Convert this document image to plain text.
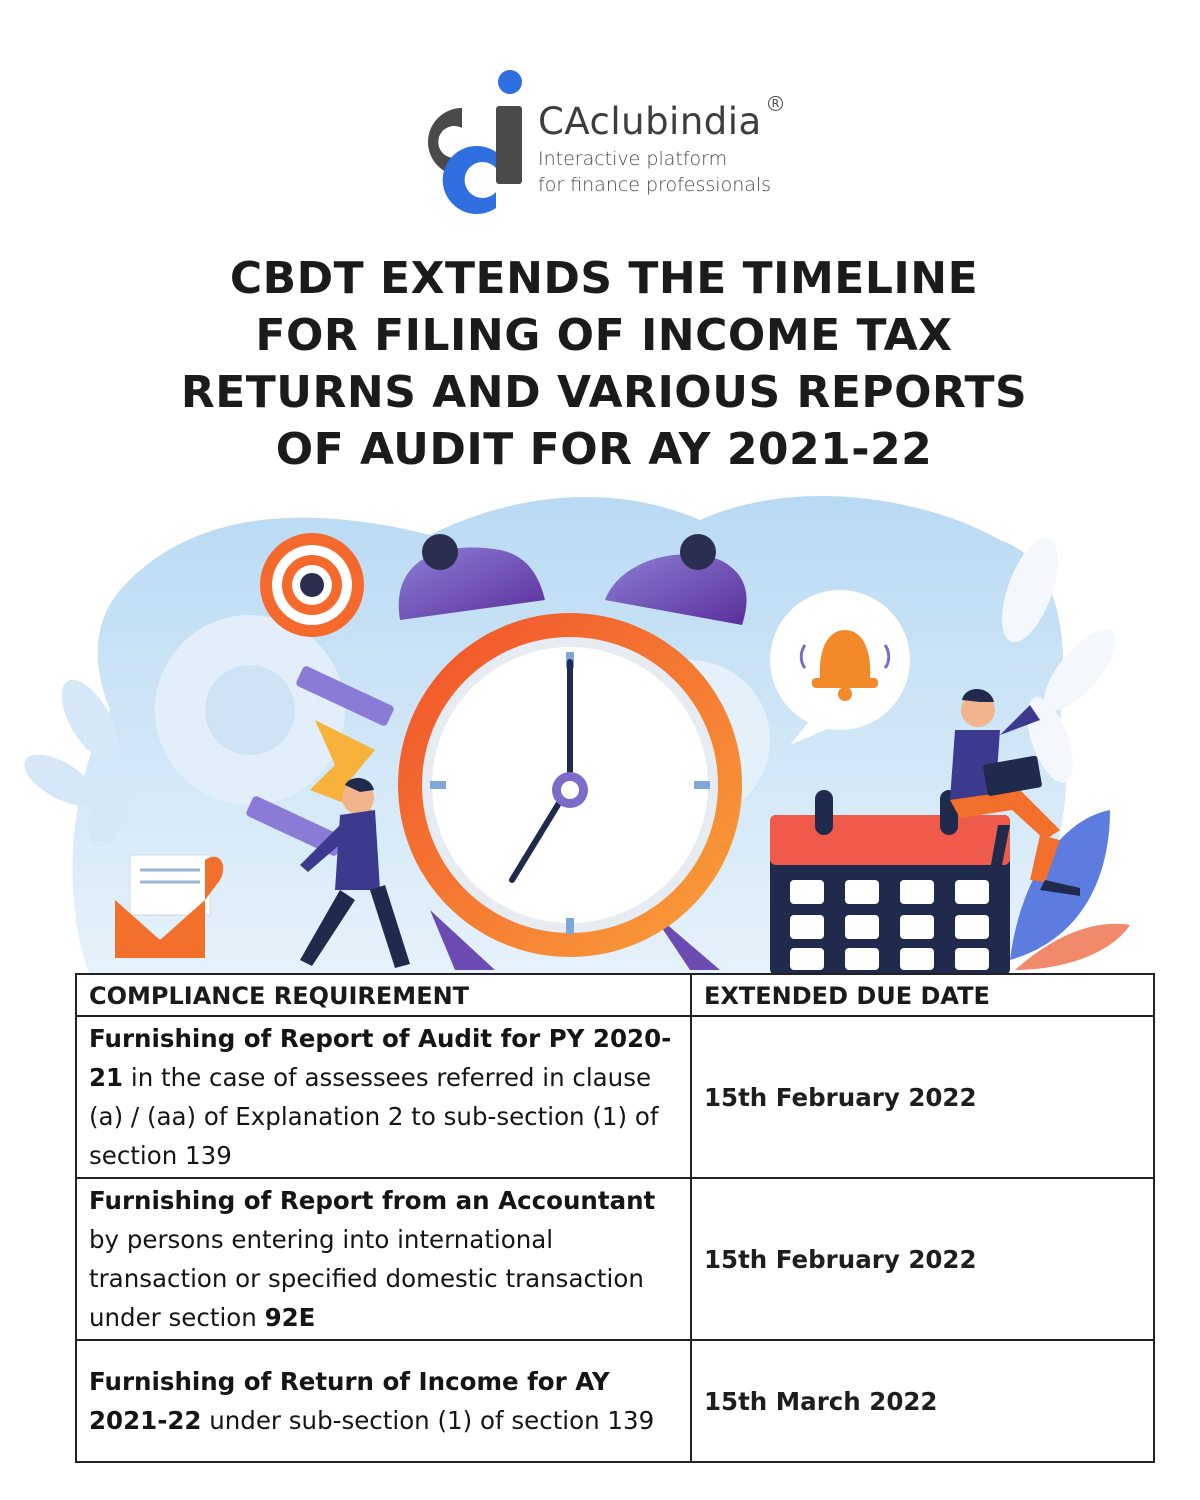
CAclubindia R
Interactive platform
for finance professionals
CBDT EXTENDS THE TIMELINE
FOR FILING OF INCOME TAX
RETURNS AND VARIOUS REPORTS
OF AUDIT FOR AY 2021-22
COMPLIANCE REQUIREMENT	EXTENDED DUE DATE
Furnishing of Report of Audit for PY 2020-21 in the case of assessees referred in clause (a) / (aa) of Explanation 2 to sub-section (1) of section 139	15th February 2022
Furnishing of Report from an Accountant by persons entering into international transaction or specified domestic transaction under section 92E	15th February 2022
Furnishing of Return of Income for AY 2021-22 under sub-section (1) of section 139	15th March 2022
